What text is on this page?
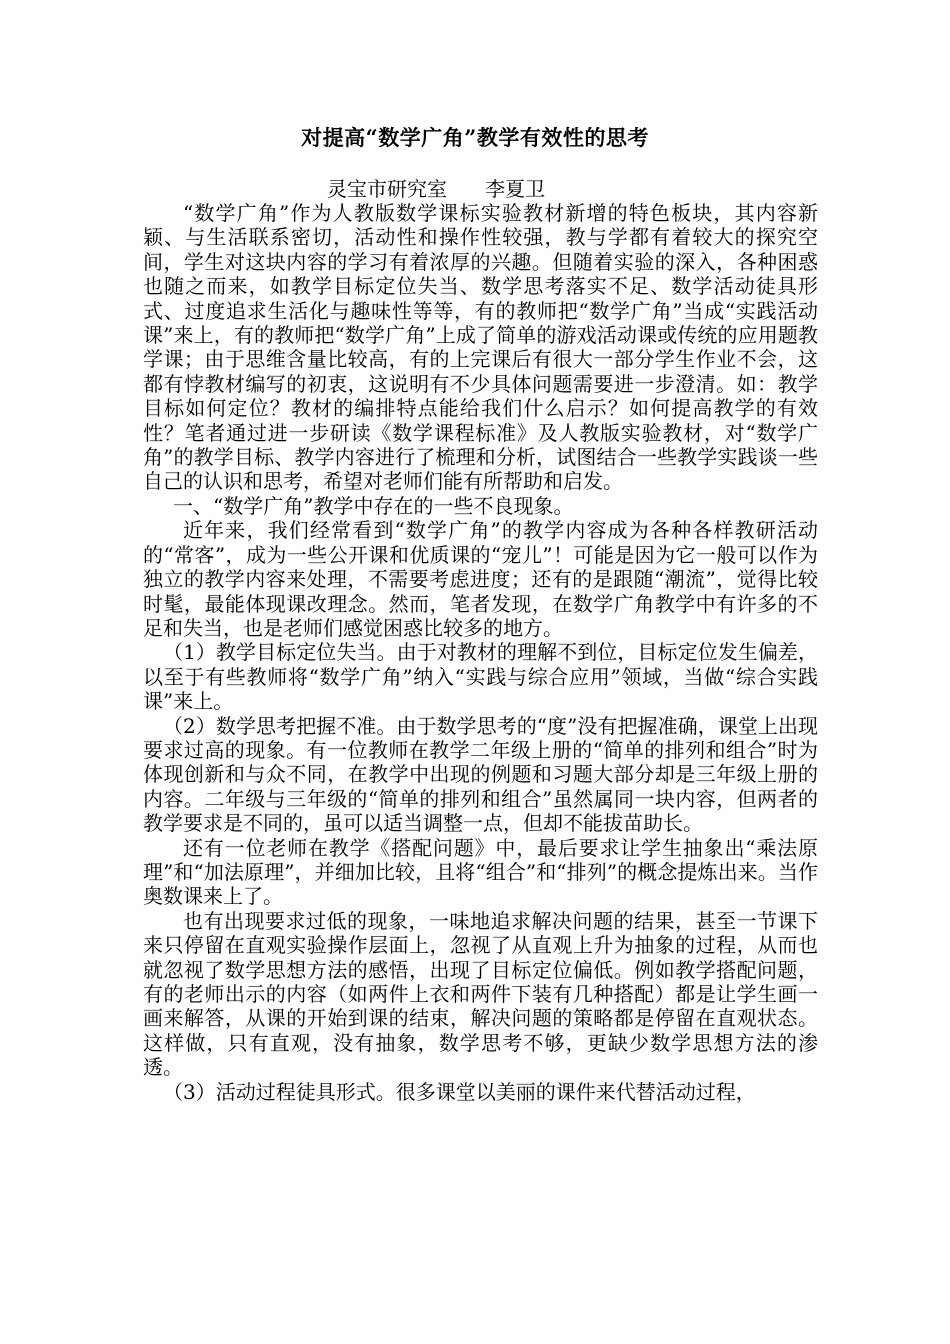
对提高“数学广角”教学有效性的思考
灵宝市研究室      李夏卫

“数学广角”作为人教版数学课标实验教材新增的特色板块，其内容新颖、与生活联系密切，活动性和操作性较强，教与学都有着较大的探究空间，学生对这块内容的学习有着浓厚的兴趣。但随着实验的深入，各种困惑也随之而来，如教学目标定位失当、数学思考落实不足、数学活动徒具形式、过度追求生活化与趣味性等等，有的教师把“数学广角”当成“实践活动课”来上，有的教师把“数学广角”上成了简单的游戏活动课或传统的应用题教学课；由于思维含量比较高，有的上完课后有很大一部分学生作业不会，这都有悖教材编写的初衷，这说明有不少具体问题需要进一步澄清。如：教学目标如何定位？教材的编排特点能给我们什么启示？如何提高教学的有效性？笔者通过进一步研读《数学课程标准》及人教版实验教材，对“数学广角”的教学目标、教学内容进行了梳理和分析，试图结合一些教学实践谈一些自己的认识和思考，希望对老师们能有所帮助和启发。

一、“数学广角”教学中存在的一些不良现象。

近年来，我们经常看到“数学广角”的教学内容成为各种各样教研活动的“常客”，成为一些公开课和优质课的“宠儿”！可能是因为它一般可以作为独立的教学内容来处理，不需要考虑进度；还有的是跟随“潮流”，觉得比较时髦，最能体现课改理念。然而，笔者发现，在数学广角教学中有许多的不足和失当，也是老师们感觉困惑比较多的地方。

（1）教学目标定位失当。由于对教材的理解不到位，目标定位发生偏差，以至于有些教师将“数学广角”纳入“实践与综合应用”领域，当做“综合实践课”来上。

（2）数学思考把握不准。由于数学思考的“度”没有把握准确，课堂上出现要求过高的现象。有一位教师在教学二年级上册的“简单的排列和组合”时为体现创新和与众不同，在教学中出现的例题和习题大部分却是三年级上册的内容。二年级与三年级的“简单的排列和组合”虽然属同一块内容，但两者的教学要求是不同的，虽可以适当调整一点，但却不能拔苗助长。

还有一位老师在教学《搭配问题》中，最后要求让学生抽象出“乘法原理”和“加法原理”，并细加比较，且将“组合”和“排列”的概念提炼出来。当作奥数课来上了。

也有出现要求过低的现象，一味地追求解决问题的结果，甚至一节课下来只停留在直观实验操作层面上，忽视了从直观上升为抽象的过程，从而也就忽视了数学思想方法的感悟，出现了目标定位偏低。例如教学搭配问题，有的老师出示的内容（如两件上衣和两件下装有几种搭配）都是让学生画一画来解答，从课的开始到课的结束，解决问题的策略都是停留在直观状态。这样做，只有直观，没有抽象，数学思考不够，更缺少数学思想方法的渗透。

（3）活动过程徒具形式。很多课堂以美丽的课件来代替活动过程，
